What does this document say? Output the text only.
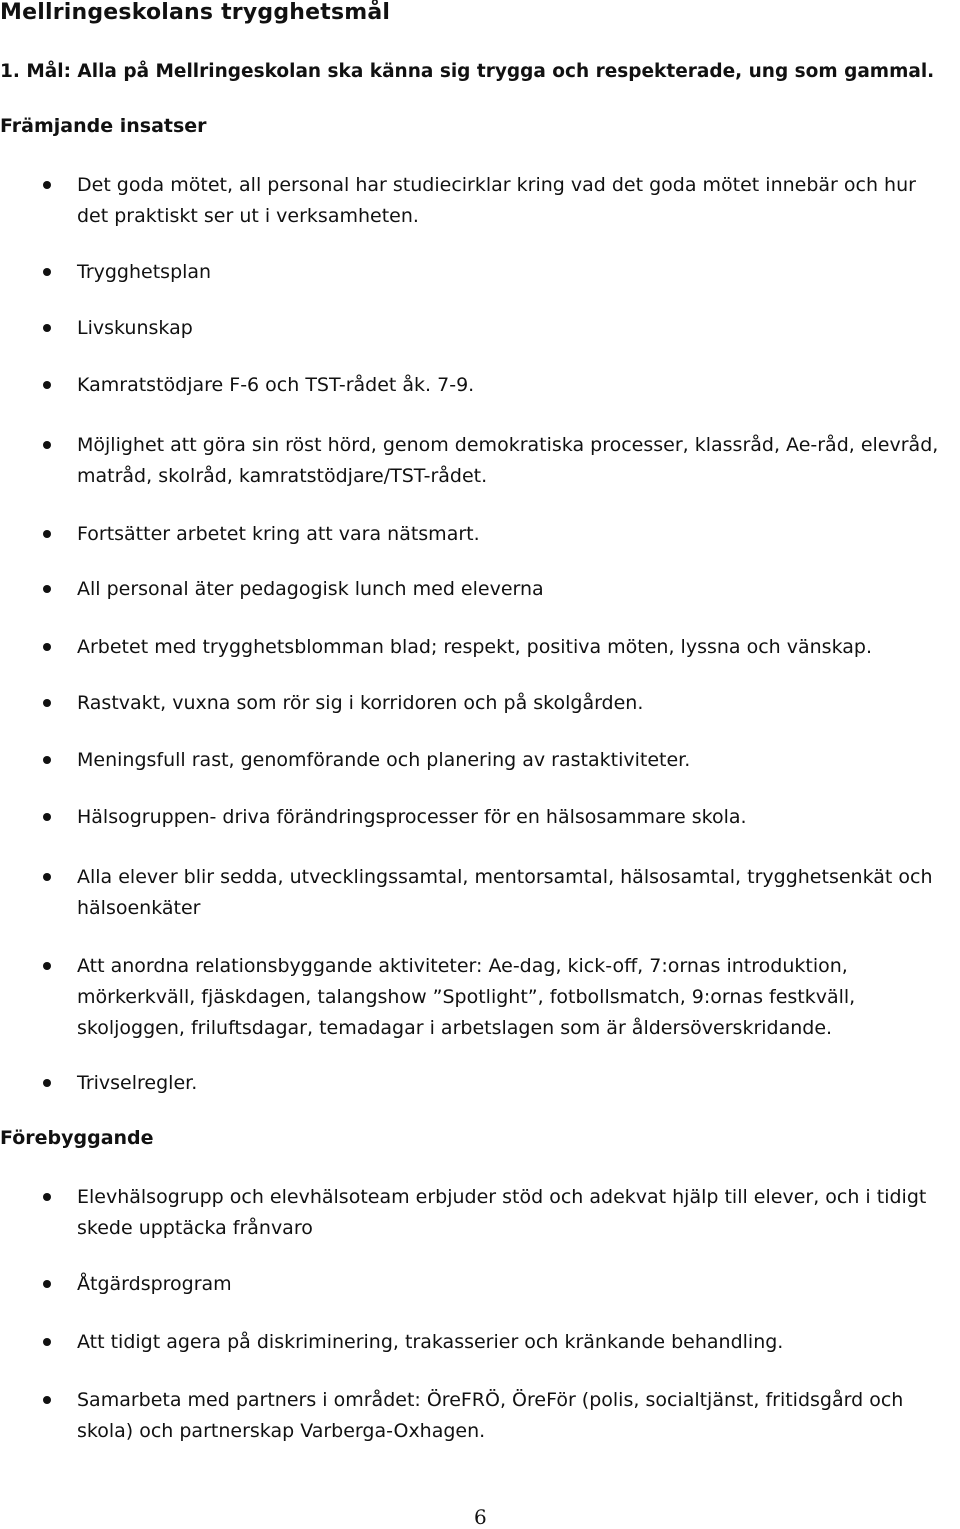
Mellringeskolans trygghetsmål
1. Mål: Alla på Mellringeskolan ska känna sig trygga och respekterade, ung som gammal.
Främjande insatser
Det goda mötet, all personal har studiecirklar kring vad det goda mötet innebär och hur det praktiskt ser ut i verksamheten.
Trygghetsplan
Livskunskap
Kamratstödjare F-6 och TST-rådet åk. 7-9.
Möjlighet att göra sin röst hörd, genom demokratiska processer, klassråd, Ae-råd, elevråd, matråd, skolråd, kamratstödjare/TST-rådet.
Fortsätter arbetet kring att vara nätsmart.
All personal äter pedagogisk lunch med eleverna
Arbetet med trygghetsblomman blad; respekt, positiva möten, lyssna och vänskap.
Rastvakt, vuxna som rör sig i korridoren och på skolgården.
Meningsfull rast, genomförande och planering av rastaktiviteter.
Hälsogruppen- driva förändringsprocesser för en hälsosammare skola.
Alla elever blir sedda, utvecklingssamtal, mentorsamtal, hälsosamtal, trygghetsenkät och hälsoenkäter
Att anordna relationsbyggande aktiviteter: Ae-dag, kick-off, 7:ornas introduktion, mörkerkväll, fjäskdagen, talangshow ”Spotlight”, fotbollsmatch, 9:ornas festkväll, skoljoggen, friluftsdagar, temadagar i arbetslagen som är åldersöverskridande.
Trivselregler.
Förebyggande
Elevhälsogrupp och elevhälsoteam erbjuder stöd och adekvat hjälp till elever, och i tidigt skede upptäcka frånvaro
Åtgärdsprogram
Att tidigt agera på diskriminering, trakasserier och kränkande behandling.
Samarbeta med partners i området: ÖreFRÖ, ÖreFör (polis, socialtjänst, fritidsgård och skola) och partnerskap Varberga-Oxhagen.
6
